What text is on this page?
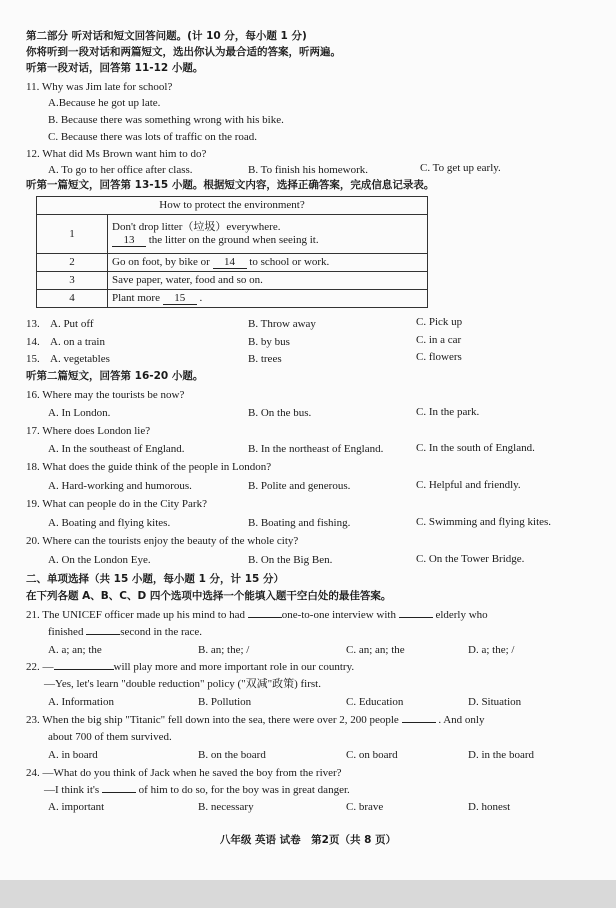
第二部分 听对话和短文回答问题。(计 10 分，每小题 1 分)
你将听到一段对话和两篇短文，选出你认为最合适的答案，听两遍。
听第一段对话，回答第 11-12 小题。
11. Why was Jim late for school?
A.Because he got up late.
B. Because there was something wrong with his bike.
C. Because there was lots of traffic on the road.
12. What did Ms Brown want him to do?
A. To go to her office after class.	B. To finish his homework.	C. To get up early.
听第一篇短文，回答第 13-15 小题。根据短文内容，选择正确答案，完成信息记录表。
How to protect the environment?	
1	Don't drop litter（垃圾）everywhere.
13 the litter on the ground when seeing it.

2	Go on foot, by bike or 14 to school or work.
3	Save paper, water, food and so on.
4	Plant more 15 .
13. A. Put off	B. Throw away	C. Pick up
14. A. on a train	B. by bus	C. in a car
15. A. vegetables	B. trees	C. flowers
听第二篇短文，回答第 16-20 小题。
16. Where may the tourists be now?
A. In London.	B. On the bus.	C. In the park.
17. Where does London lie?
A. In the southeast of England.	B. In the northeast of England.	C. In the south of England.
18. What does the guide think of the people in London?
A. Hard-working and humorous.	B. Polite and generous.	C. Helpful and friendly.
19. What can people do in the City Park?
A. Boating and flying kites.	B. Boating and fishing.	C. Swimming and flying kites.
20. Where can the tourists enjoy the beauty of the whole city?
A. On the London Eye.	B. On the Big Ben.	C. On the Tower Bridge.
二、单项选择（共 15 小题，每小题 1 分，计 15 分）
在下列各题 A、B、C、D 四个选项中选择一个能填入题干空白处的最佳答案。
21. The UNICEF officer made up his mind to had	one-to-one interview with	elderly who
finished	second in the race.
A. a; an; the	B. an; the; /	C. an; an; the	D. a; the; /
22. —	will play more and more important role in our country.
—Yes, let's learn "double reduction" policy ("双减"政策) first.
A. Information	B. Pollution	C. Education	D. Situation
23. When the big ship "Titanic" fell down into the sea, there were over 2, 200 people	. And only
about 700 of them survived.
A. in board	B. on the board	C. on board	D. in the board
24. —What do you think of Jack when he saved the boy from the river?
—I think it's	of him to do so, for the boy was in great danger.
A. important	B. necessary	C. brave	D. honest
八年级 英语 试卷　第2页（共 8 页）
